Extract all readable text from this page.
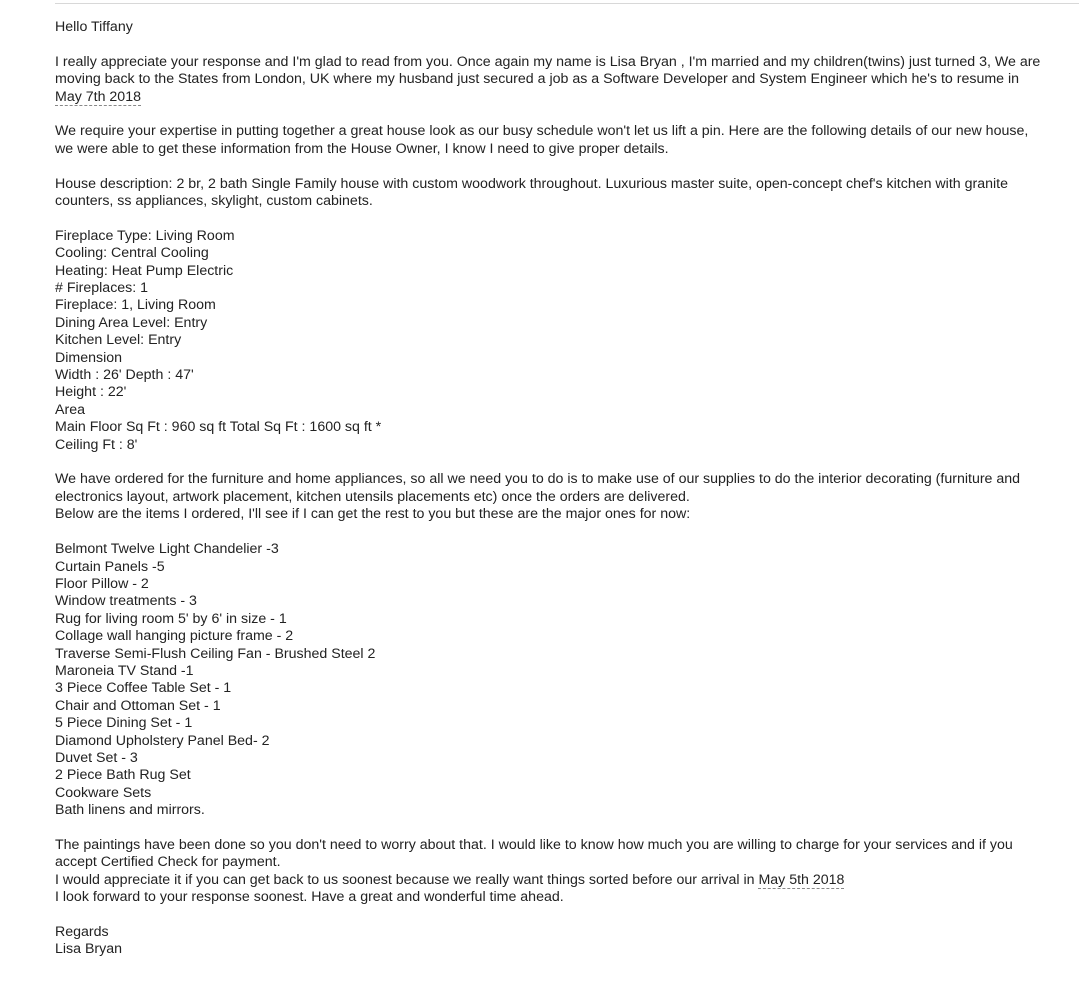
Hello Tiffany

I really appreciate your response and I'm glad to read from you. Once again my name is Lisa Bryan , I'm married and my children(twins) just turned 3, We are moving back to the States from London, UK where my husband just secured a job as a Software Developer and System Engineer which he's to resume in May 7th 2018

We require your expertise in putting together a great house look as our busy schedule won't let us lift a pin. Here are the following details of our new house, we were able to get these information from the House Owner, I know I need to give proper details.

House description: 2 br, 2 bath Single Family house with custom woodwork throughout. Luxurious master suite, open-concept chef's kitchen with granite counters, ss appliances, skylight, custom cabinets.

Fireplace Type: Living Room

Cooling: Central Cooling

Heating: Heat Pump Electric

# Fireplaces: 1

Fireplace: 1, Living Room

Dining Area Level: Entry

Kitchen Level: Entry

Dimension

Width : 26' Depth : 47'

Height : 22'

Area

Main Floor Sq Ft : 960 sq ft Total Sq Ft : 1600 sq ft *

Ceiling Ft : 8'

We have ordered for the furniture and home appliances, so all we need you to do is to make use of our supplies to do the interior decorating (furniture and electronics layout, artwork placement, kitchen utensils placements etc) once the orders are delivered.

Below are the items I ordered, I'll see if I can get the rest to you but these are the major ones for now:

Belmont Twelve Light Chandelier -3

Curtain Panels -5

Floor Pillow - 2

Window treatments - 3

Rug for living room 5' by 6' in size - 1

Collage wall hanging picture frame - 2

Traverse Semi-Flush Ceiling Fan - Brushed Steel 2

Maroneia TV Stand -1

3 Piece Coffee Table Set - 1

Chair and Ottoman Set - 1

5 Piece Dining Set - 1

Diamond Upholstery Panel Bed- 2

Duvet Set - 3

2 Piece Bath Rug Set

Cookware Sets

Bath linens and mirrors.

The paintings have been done so you don't need to worry about that. I would like to know how much you are willing to charge for your services and if you accept Certified Check for payment.

I would appreciate it if you can get back to us soonest because we really want things sorted before our arrival in May 5th 2018

I look forward to your response soonest. Have a great and wonderful time ahead.

Regards

Lisa Bryan
